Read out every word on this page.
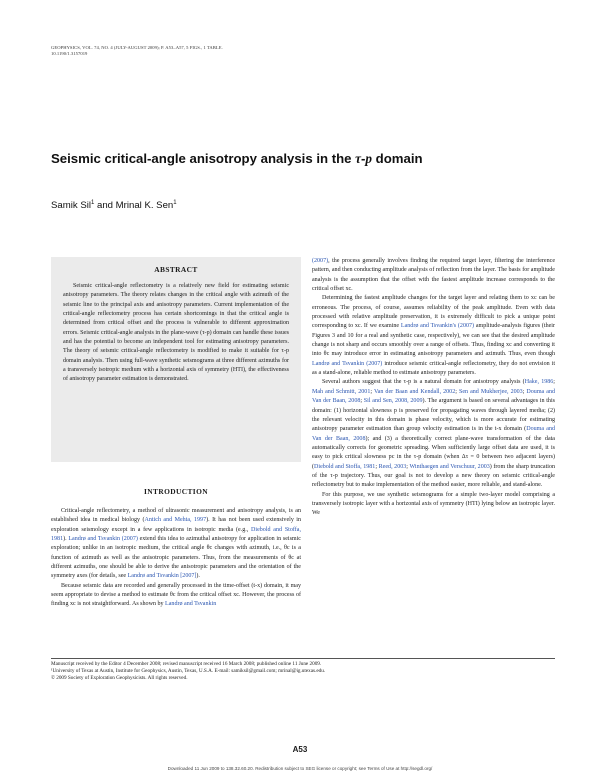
GEOPHYSICS, VOL. 74, NO. 4 (JULY-AUGUST 2009); P. A53–A57, 5 FIGS., 1 TABLE.
10.1190/1.3157019
Seismic critical-angle anisotropy analysis in the τ-p domain
Samik Sil$^1$ and Mrinal K. Sen$^1$
ABSTRACT

Seismic critical-angle reflectometry is a relatively new field for estimating seismic anisotropy parameters. The theory relates changes in the critical angle with azimuth of the seismic line to the principal axis and anisotropy parameters. Current implementation of the critical-angle reflectometry process has certain shortcomings in that the critical angle is determined from critical offset and the process is vulnerable to different approximation errors. Seismic critical-angle analysis in the plane-wave (τ-p) domain can handle these issues and has the potential to become an independent tool for estimating anisotropy parameters. The theory of seismic critical-angle reflectometry is modified to make it suitable for τ-p domain analysis. Then using full-wave synthetic seismograms at three different azimuths for a transversely isotropic medium with a horizontal axis of symmetry (HTI), the effectiveness of anisotropy parameter estimation is demonstrated.

INTRODUCTION

Critical-angle reflectometry, a method of ultrasonic measurement and anisotropy analysis, is an established idea in medical biology (Antich and Mehta, 1997). It has not been used extensively in exploration seismology except in a few applications in isotropic media (e.g., Diebold and Stoffa, 1981). Landrø and Tsvankin (2007) extend this idea to azimuthal anisotropy for application in seismic exploration; unlike in an isotropic medium, the critical angle θc changes with azimuth, i.e., θc is a function of azimuth as well as the anisotropic parameters. Thus, from the measurements of θc at different azimuths, one should be able to derive the anisotropic parameters and the orientation of the symmetry axes (for details, see Landrø and Tsvankin [2007]).

Because seismic data are recorded and generally processed in the time-offset (t-x) domain, it may seem appropriate to devise a method to estimate θc from the critical offset xc. However, the process of finding xc is not straightforward. As shown by Landrø and Tsvankin

(2007), the process generally involves finding the required target layer, filtering the interference pattern, and then conducting amplitude analysis of reflection from the layer. The basis for amplitude analysis is the assumption that the offset with the fastest amplitude increase corresponds to the critical offset xc.

Determining the fastest amplitude changes for the target layer and relating them to xc can be erroneous. The process, of course, assumes reliability of the peak amplitude. Even with data processed with relative amplitude preservation, it is extremely difficult to pick a unique point corresponding to xc. If we examine Landrø and Tsvankin's (2007) amplitude-analysis figures (their Figures 3 and 10 for a real and synthetic case, respectively), we can see that the desired amplitude change is not sharp and occurs smoothly over a range of offsets. Thus, finding xc and converting it into θc may introduce error in estimating anisotropy parameters and azimuth. Thus, even though Landrø and Tsvankin (2007) introduce seismic critical-angle reflectometry, they do not envision it as a stand-alone, reliable method to estimate anisotropy parameters.

Several authors suggest that the τ-p is a natural domain for anisotropy analysis (Hake, 1986; Mah and Schmitt, 2001; Van der Baan and Kendall, 2002; Sen and Mukherjee, 2003; Douma and Van der Baan, 2008; Sil and Sen, 2008, 2009). The argument is based on several advantages in this domain: (1) horizontal slowness p is preserved for propagating waves through layered media; (2) the relevant velocity in this domain is phase velocity, which is more accurate for estimating anisotropy parameter estimation than group velocity estimation is in the t-x domain (Douma and Van der Baan, 2008); and (3) a theoretically correct plane-wave transformation of the data automatically corrects for geometric spreading. When sufficiently large offset data are used, it is easy to pick critical slowness pc in the τ-p domain (when Δτ = 0 between two adjacent layers) (Diebold and Stoffa, 1981; Reed, 2003; Winthaegen and Verschuur, 2003) from the sharp truncation of the τ-p trajectory. Thus, our goal is not to develop a new theory on seismic critical-angle reflectometry but to make implementation of the method easier, more reliable, and stand-alone.

For this purpose, we use synthetic seismograms for a simple two-layer model comprising a transversely isotropic layer with a horizontal axis of symmetry (HTI) lying below an isotropic layer. We

Manuscript received by the Editor 4 December 2008; revised manuscript received 16 March 2008; published online 11 June 2009.
¹University of Texas at Austin, Institute for Geophysics, Austin, Texas, U.S.A. E-mail: samiksil@gmail.com; mrinal@ig.utexas.edu.
© 2009 Society of Exploration Geophysicists. All rights reserved.
A53
Downloaded 11 Jun 2009 to 138.32.60.20. Redistribution subject to SEG license or copyright; see Terms of Use at http://segdl.org/
